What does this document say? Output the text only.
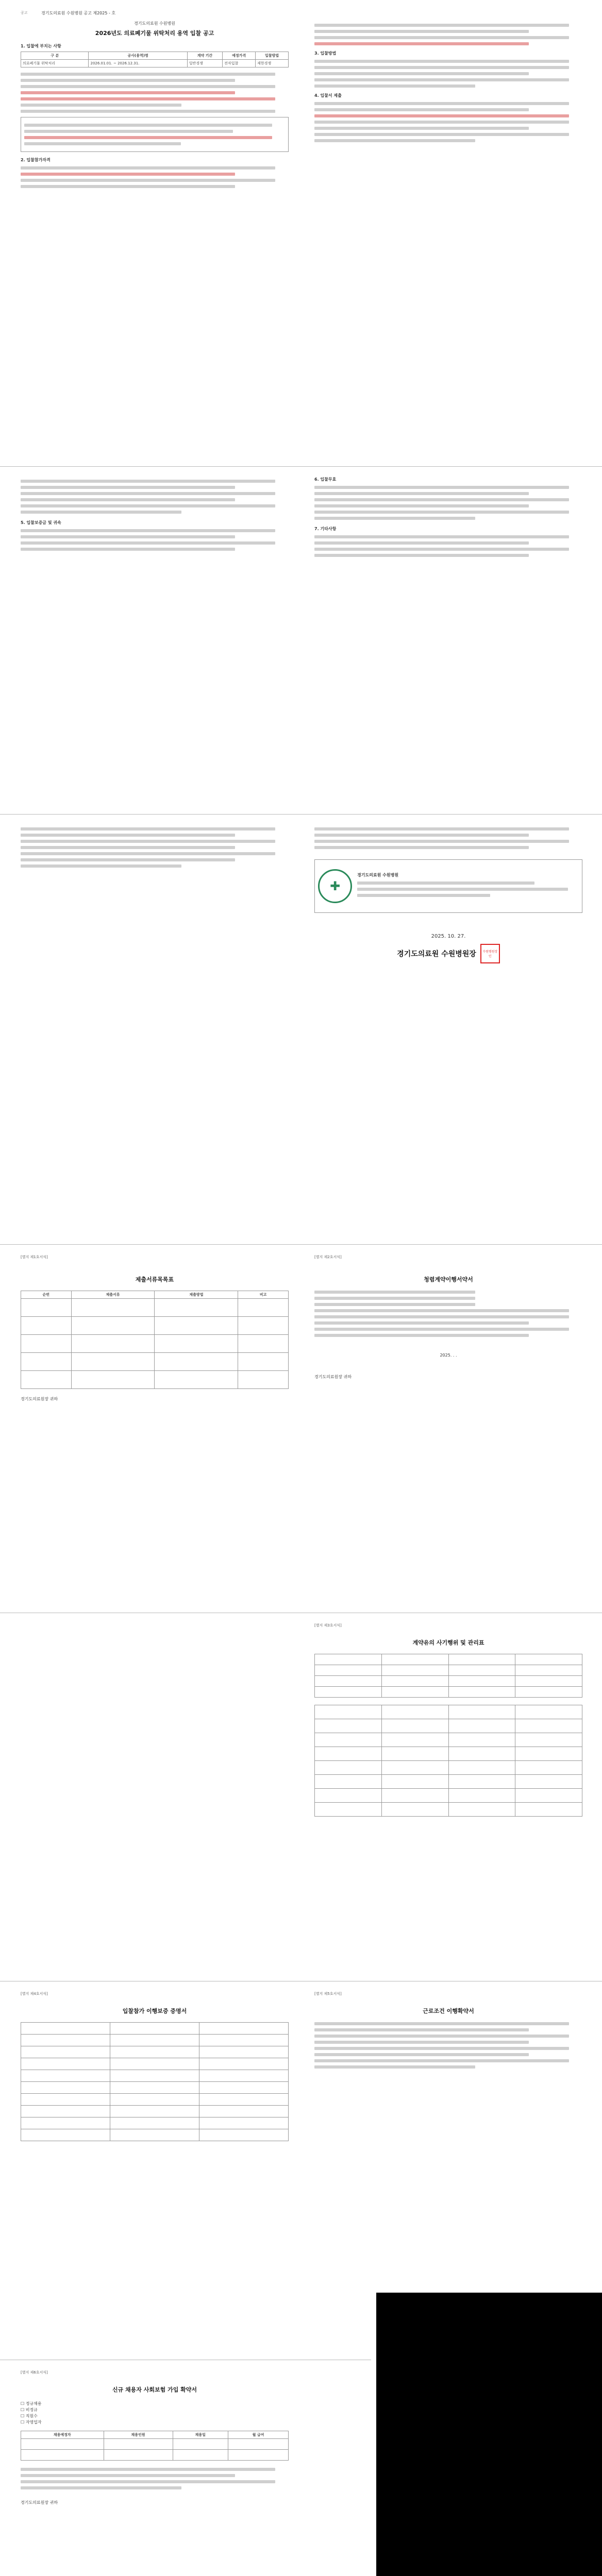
공고	경기도의료원 수원병원 공고 제2025 - 호
경기도의료원 수원병원
2026년도 의료폐기물 위탁처리 용역 입찰 공고
1. 입찰에 부치는 사항
구 분	공사(용역)명	계약 기간	예정가격	입찰방법
의료폐기물 위탁처리	2026.01.01. ~ 2026.12.31.	일반경쟁	전자입찰	제한경쟁
2. 입찰참가자격
3. 입찰방법
4. 입찰서 제출
5. 입찰보증금 및 귀속
6. 입찰무효
7. 기타사항
✚
경기도의료원 수원병원
2025. 10. 27.
경기도의료원 수원병원장	수원병원장인
[별지 제1호서식]
제출서류목록표
순번	제출서류	제출방법	비고

경기도의료원장 귀하
[별지 제2호서식]
청렴계약이행서약서
2025. . .
경기도의료원장 귀하
[별지 제3호서식]
계약유의 사기행위 및 관리표

[별지 제4호서식]
입찰참가 이행보증 증명서

[별지 제5호서식]
근로조건 이행확약서
[별지 제6호서식]
신규 채용자 사회보험 가입 확약서
☐ 정규채용
☐ 비정규
☐ 직원수
☐ 자영업자
채용예정자	채용인원	채용일	월 급여

경기도의료원장 귀하
